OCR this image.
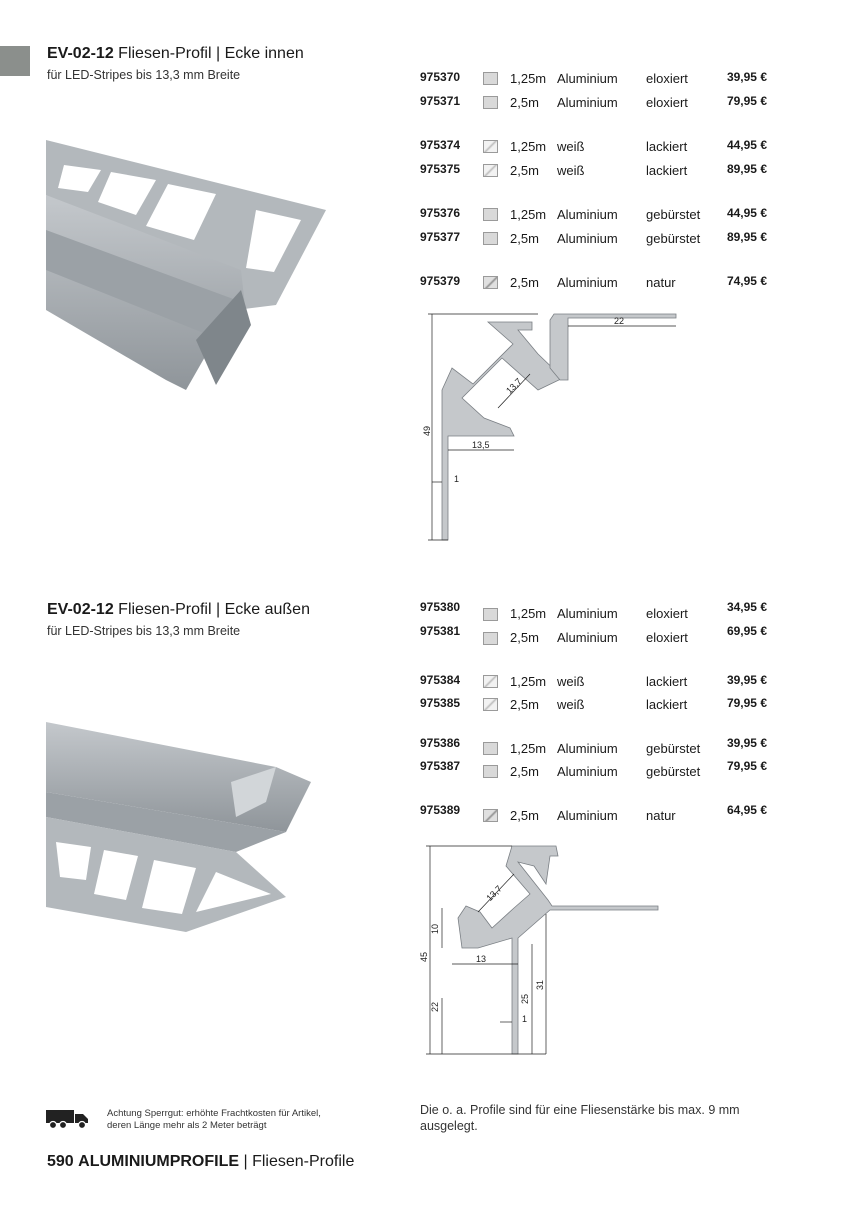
EV-02-12 Fliesen-Profil | Ecke innen
für LED-Stripes bis 13,3 mm Breite	975370	1,25m Aluminium eloxiert	39,95 €
975371	2,5m Aluminium eloxiert	79,95 €
975374	1,25m weiß	lackiert	44,95 €
975375	2,5m weiß	lackiert	89,95 €
975376	1,25m Aluminium gebürstet 44,95 €
975377	2,5m Aluminium gebürstet 89,95 €
975379	2,5m Aluminium natur	74,95 €
22
13,7
49
13,5
1
EV-02-12 Fliesen-Profil | Ecke außen
für LED-Stripes bis 13,3 mm Breite
975380	1,25m Aluminium eloxiert	34,95 €
975381	2,5m Aluminium eloxiert	69,95 €
975384	1,25m weiß	lackiert	39,95 €
975385	2,5m weiß	lackiert	79,95 €
975386	1,25m Aluminium gebürstet 39,95 €
975387	2,5m Aluminium gebürstet 79,95 €
975389	2,5m Aluminium natur	64,95 €
13,7
10
45	13
25
31
22
1
Achtung Sperrgut: erhöhte Frachtkosten für Artikel, deren Länge mehr als 2 Meter beträgt
Die o. a. Profile sind für eine Fliesenstärke bis max. 9 mm ausgelegt.
590 ALUMINIUMPROFILE | Fliesen-Profile
